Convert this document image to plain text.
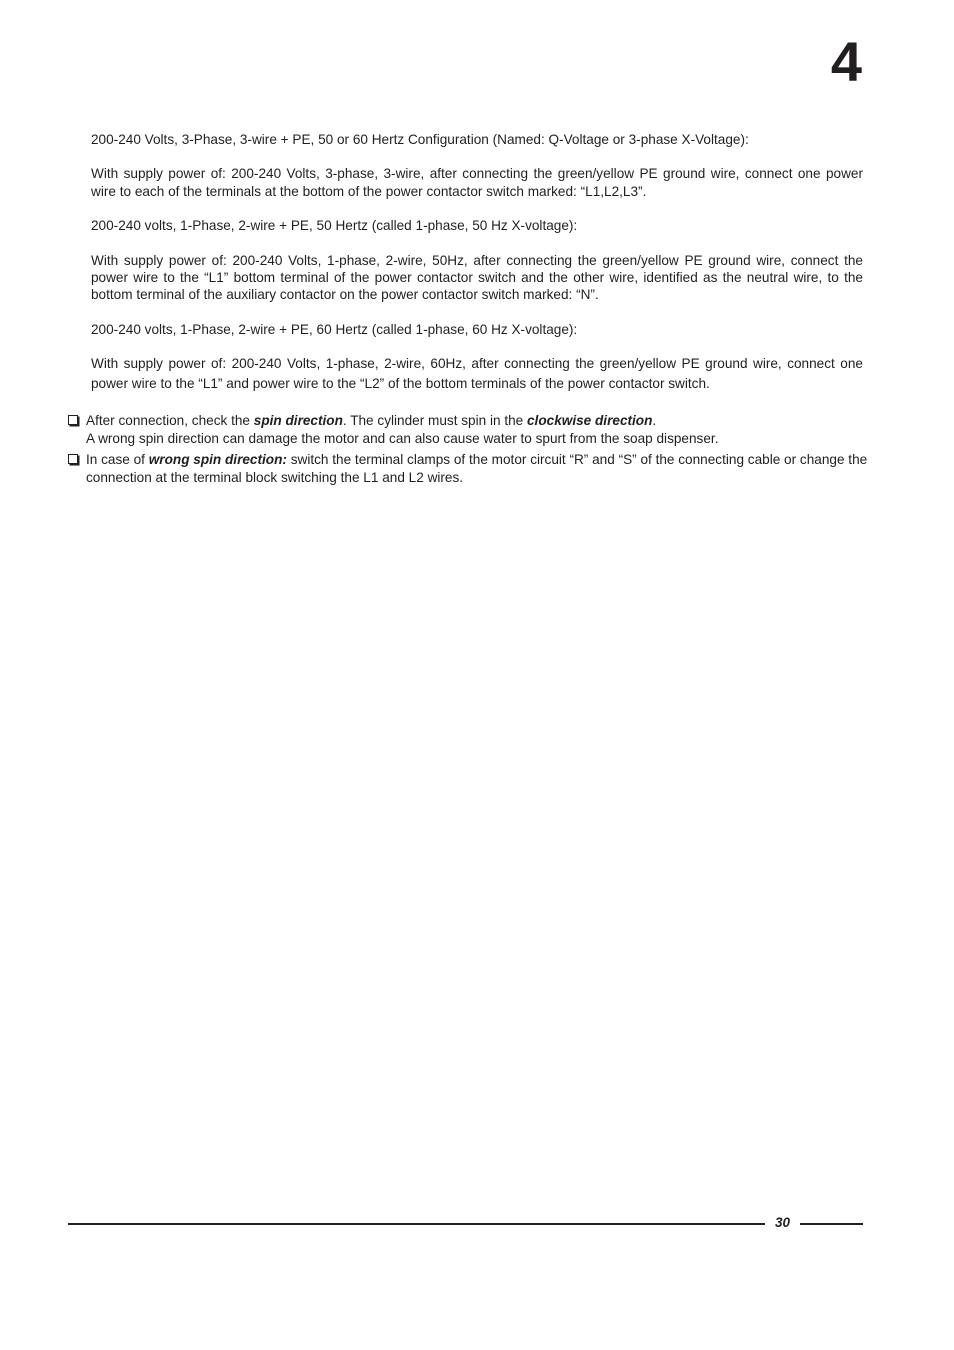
4

200-240 Volts, 3-Phase, 3-wire + PE, 50 or 60 Hertz Configuration (Named: Q-Voltage or 3-phase X-Voltage):

With supply power of: 200-240 Volts, 3-phase, 3-wire, after connecting the green/yellow PE ground wire, connect one power wire to each of the terminals at the bottom of the power contactor switch marked: “L1,L2,L3”.

200-240 volts, 1-Phase, 2-wire + PE, 50 Hertz (called 1-phase, 50 Hz X-voltage):

With supply power of: 200-240 Volts, 1-phase, 2-wire, 50Hz, after connecting the green/yellow PE ground wire, connect the power wire to the “L1” bottom terminal of the power contactor switch and the other wire, identified as the neutral wire, to the bottom terminal of the auxiliary contactor on the power contactor switch marked: “N”.

200-240 volts, 1-Phase, 2-wire + PE, 60 Hertz (called 1-phase, 60 Hz X-voltage):

With supply power of: 200-240 Volts, 1-phase, 2-wire, 60Hz, after connecting the green/yellow PE ground wire, connect one power wire to the “L1” and power wire to the “L2” of the bottom terminals of the power contactor switch.

After connection, check the spin direction. The cylinder must spin in the clockwise direction.
A wrong spin direction can damage the motor and can also cause water to spurt from the soap dispenser.
In case of wrong spin direction: switch the terminal clamps of the motor circuit “R” and “S” of the connecting cable or change the connection at the terminal block switching the L1 and L2 wires.
30
